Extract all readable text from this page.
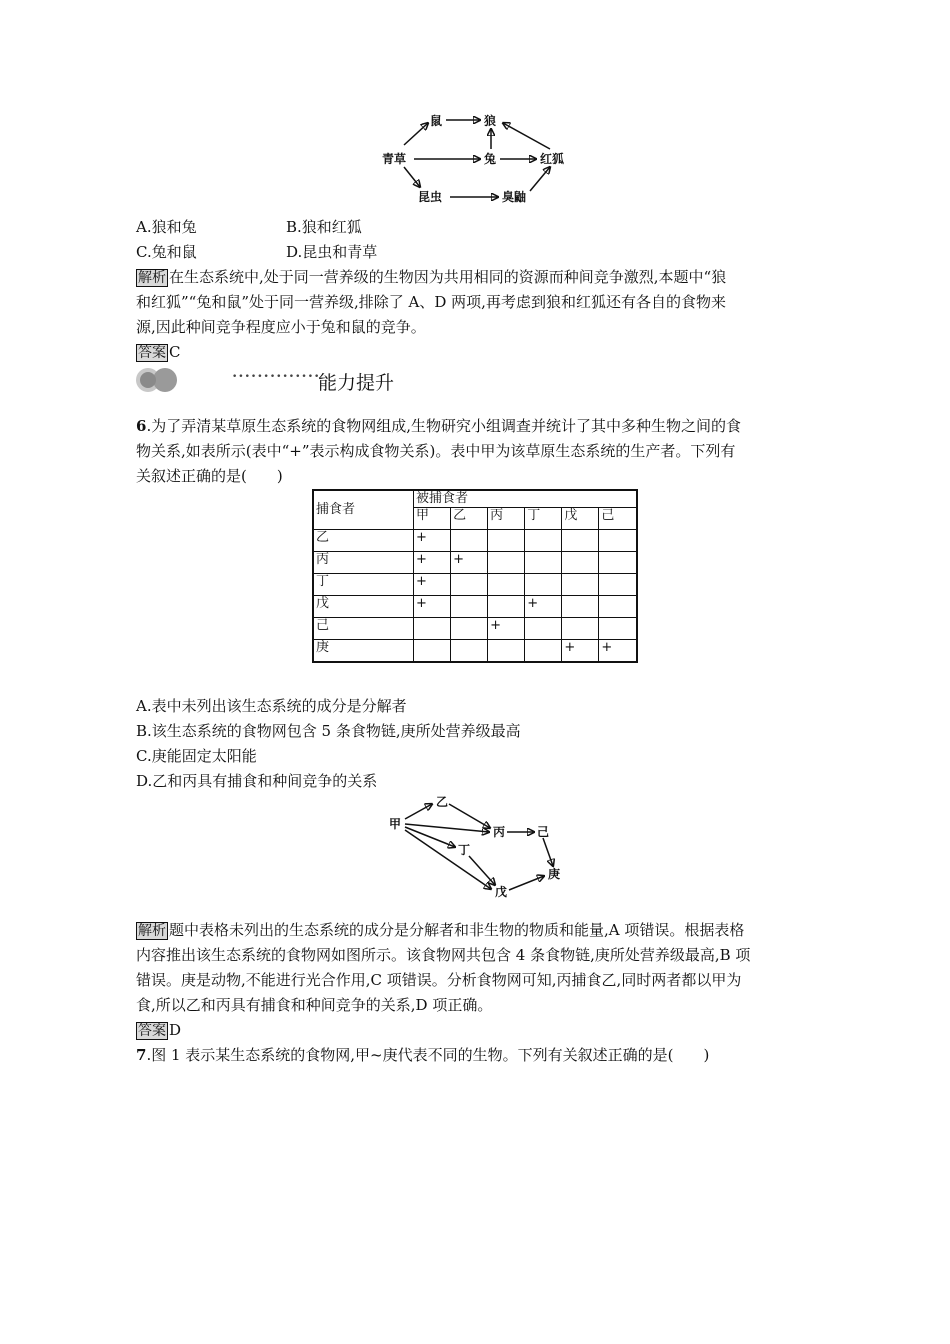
青草
鼠	狼
兔	红狐
昆虫	臭鼬
A.狼和兔	B.狼和红狐
C.兔和鼠	D.昆虫和青草
解析 在生态系统中,处于同一营养级的生物因为共用相同的资源而种间竞争激烈,本题中“狼
和红狐”“兔和鼠”处于同一营养级,排除了 A、D 两项,再考虑到狼和红狐还有各自的食物来
源,因此种间竞争程度应小于兔和鼠的竞争。
答案 C
••••••••••••••
能力提升
6.为了弄清某草原生态系统的食物网组成,生物研究小组调查并统计了其中多种生物之间的食
物关系,如表所示(表中“+”表示构成食物关系)。表中甲为该草原生态系统的生产者。下列有
关叙述正确的是(　　)
捕食者	被捕食者					
	甲	乙	丙	丁	戊	己
乙	+					
丙	+	+				
丁	+					
戊	+			+		
己			+			
庚					+	+
A.表中未列出该生态系统的成分是分解者
B.该生态系统的食物网包含 5 条食物链,庚所处营养级最高
C.庚能固定太阳能
D.乙和丙具有捕食和种间竞争的关系
甲
乙
丙	己
丁
戊
庚
解析 题中表格未列出的生态系统的成分是分解者和非生物的物质和能量,A 项错误。根据表格
内容推出该生态系统的食物网如图所示。该食物网共包含 4 条食物链,庚所处营养级最高,B 项
错误。庚是动物,不能进行光合作用,C 项错误。分析食物网可知,丙捕食乙,同时两者都以甲为
食,所以乙和丙具有捕食和种间竞争的关系,D 项正确。
答案 D
7.图 1 表示某生态系统的食物网,甲~庚代表不同的生物。下列有关叙述正确的是(　　)
